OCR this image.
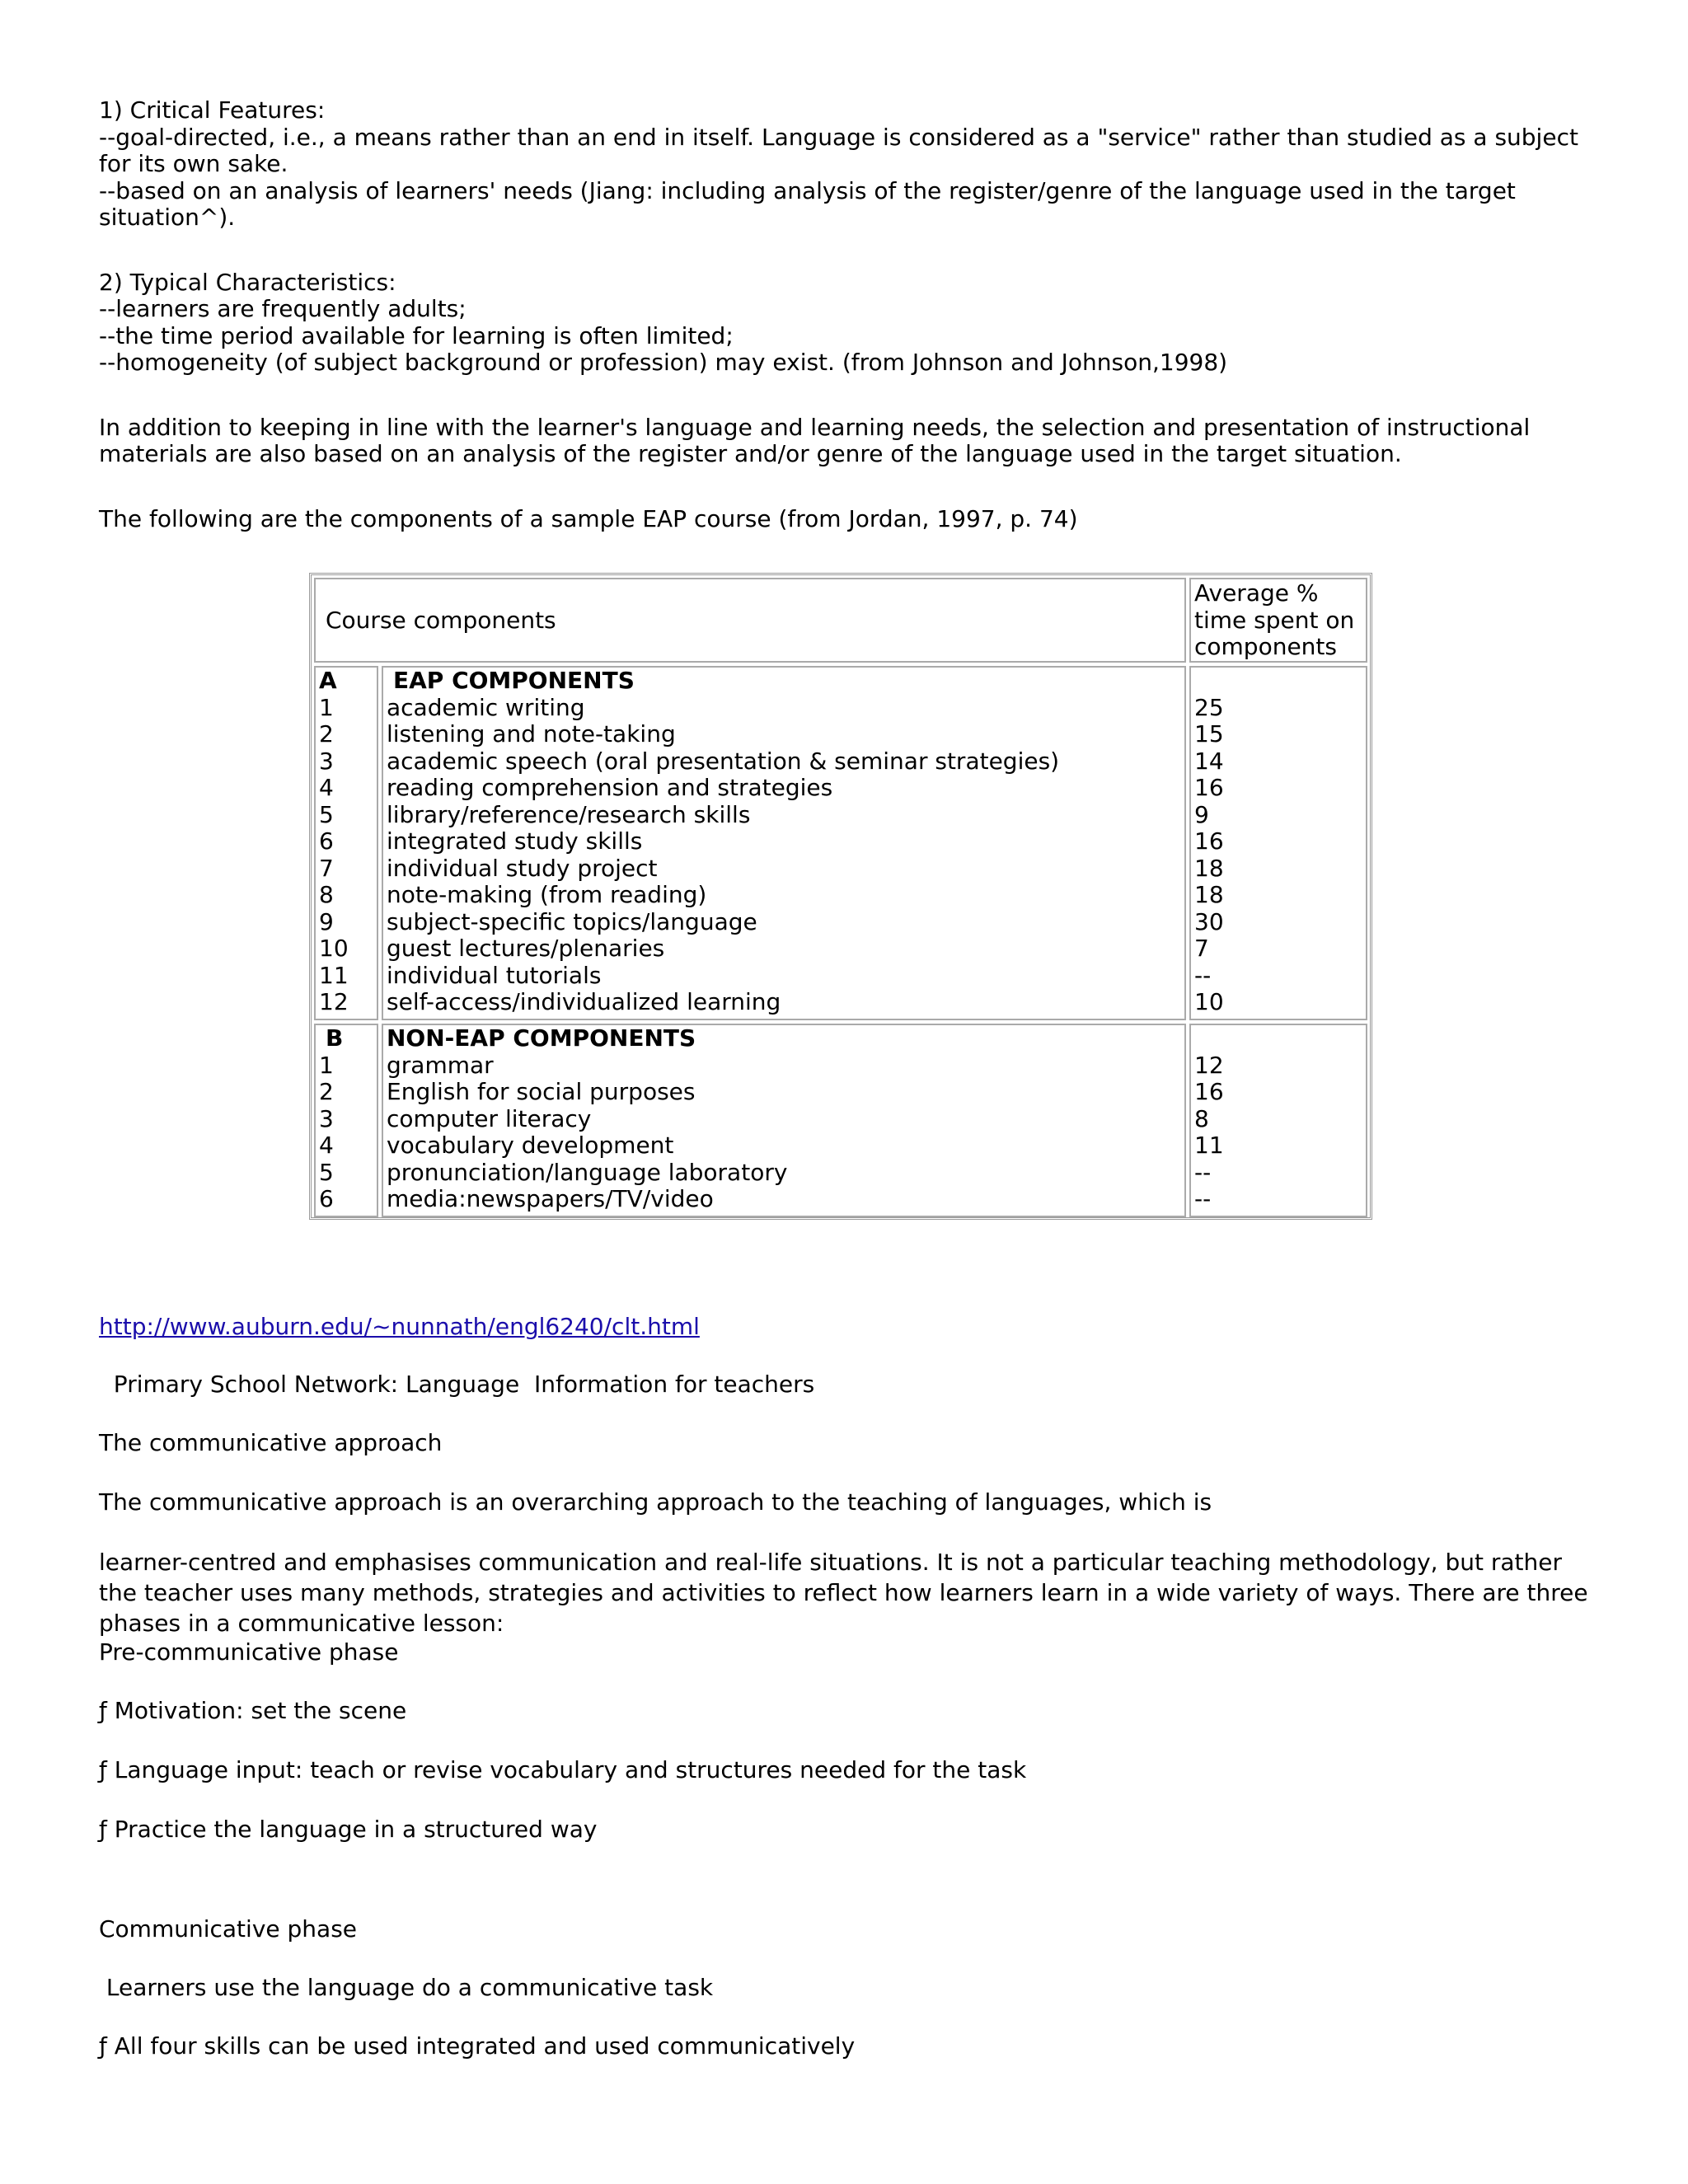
1) Critical Features:

--goal-directed, i.e., a means rather than an end in itself. Language is considered as a "service" rather than studied as a subject for its own sake.

--based on an analysis of learners' needs (Jiang: including analysis of the register/genre of the language used in the target situation^).

2) Typical Characteristics:

--learners are frequently adults;

--the time period available for learning is often limited;

--homogeneity (of subject background or profession) may exist. (from Johnson and Johnson,1998)

In addition to keeping in line with the learner's language and learning needs, the selection and presentation of instructional materials are also based on an analysis of the register and/or genre of the language used in the target situation.

The following are the components of a sample EAP course (from Jordan, 1997, p. 74)

Course components
Average %
time spent on
components
A
1
2
3
4
5
6
7
8
9
10
11
12
EAP COMPONENTS
academic writing
listening and note-taking
academic speech (oral presentation & seminar strategies)
reading comprehension and strategies
library/reference/research skills
integrated study skills
individual study project
note-making (from reading)
subject-specific topics/language
guest lectures/plenaries
individual tutorials
self-access/individualized learning
25
15
14
16
9
16
18
18
30
7
--
10
B
1
2
3
4
5
6
NON-EAP COMPONENTS
grammar
English for social purposes
computer literacy
vocabulary development
pronunciation/language laboratory
media:newspapers/TV/video
12
16
8
11
--
--
http://www.auburn.edu/~nunnath/engl6240/clt.html
Primary School Network: Language  Information for teachers
The communicative approach
The communicative approach is an overarching approach to the teaching of languages, which is
learner-centred and emphasises communication and real-life situations. It is not a particular teaching methodology, but rather the teacher uses many methods, strategies and activities to reflect how learners learn in a wide variety of ways. There are three phases in a communicative lesson:
Pre-communicative phase
ƒ Motivation: set the scene
ƒ Language input: teach or revise vocabulary and structures needed for the task
ƒ Practice the language in a structured way
Communicative phase
Learners use the language do a communicative task
ƒ All four skills can be used integrated and used communicatively
